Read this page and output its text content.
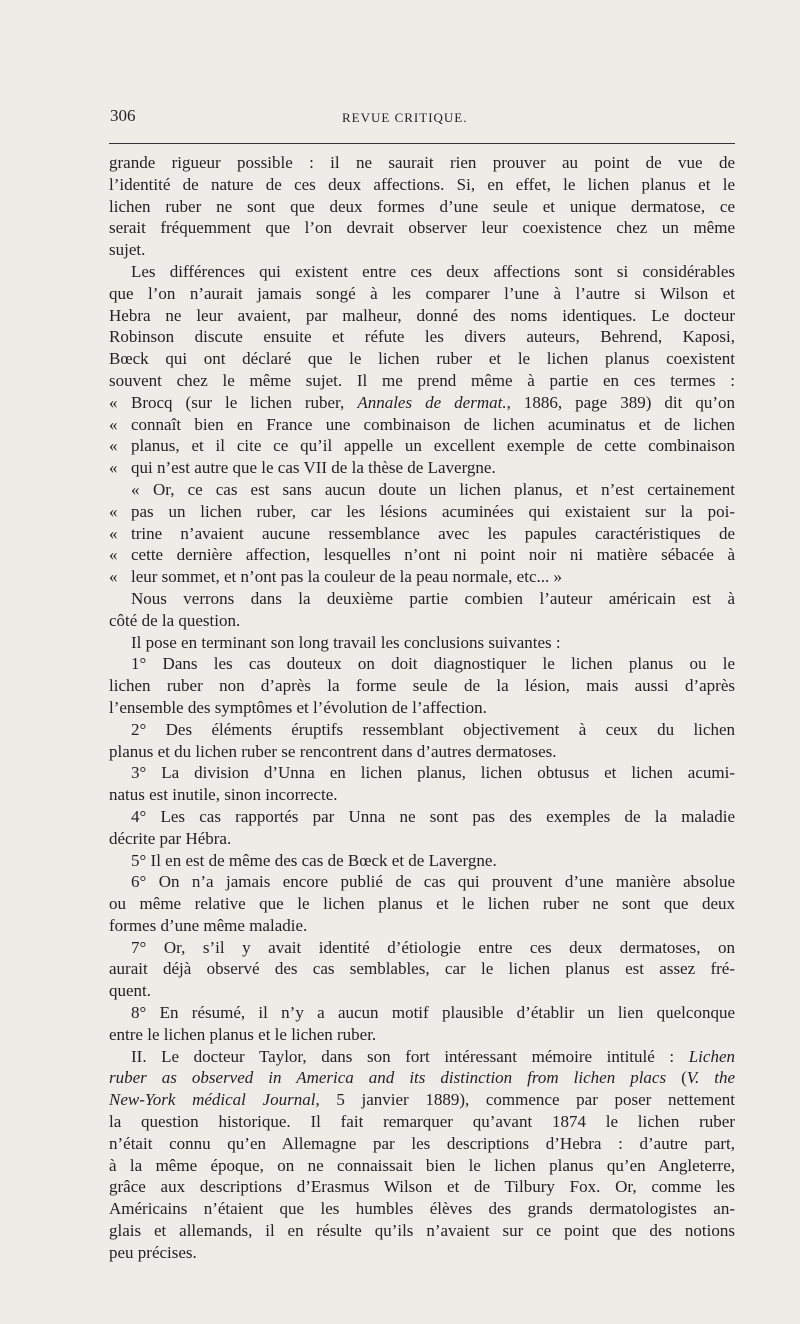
306	REVUE CRITIQUE.
grande rigueur possible : il ne saurait rien prouver au point de vue de
l’identité de nature de ces deux affections. Si, en effet, le lichen planus et le
lichen ruber ne sont que deux formes d’une seule et unique dermatose, ce
serait fréquemment que l’on devrait observer leur coexistence chez un même
sujet.
Les différences qui existent entre ces deux affections sont si considérables
que l’on n’aurait jamais songé à les comparer l’une à l’autre si Wilson et
Hebra ne leur avaient, par malheur, donné des noms identiques. Le docteur
Robinson discute ensuite et réfute les divers auteurs, Behrend, Kaposi,
Bœck qui ont déclaré que le lichen ruber et le lichen planus coexistent
souvent chez le même sujet. Il me prend même à partie en ces termes :
« Brocq (sur le lichen ruber, Annales de dermat., 1886, page 389) dit qu’on
« connaît bien en France une combinaison de lichen acuminatus et de lichen
« planus, et il cite ce qu’il appelle un excellent exemple de cette combinaison
« qui n’est autre que le cas VII de la thèse de Lavergne.
« Or, ce cas est sans aucun doute un lichen planus, et n’est certainement
« pas un lichen ruber, car les lésions acuminées qui existaient sur la poi-
« trine n’avaient aucune ressemblance avec les papules caractéristiques de
« cette dernière affection, lesquelles n’ont ni point noir ni matière sébacée à
« leur sommet, et n’ont pas la couleur de la peau normale, etc... »
Nous verrons dans la deuxième partie combien l’auteur américain est à
côté de la question.
Il pose en terminant son long travail les conclusions suivantes :
1° Dans les cas douteux on doit diagnostiquer le lichen planus ou le
lichen ruber non d’après la forme seule de la lésion, mais aussi d’après
l’ensemble des symptômes et l’évolution de l’affection.
2° Des éléments éruptifs ressemblant objectivement à ceux du lichen
planus et du lichen ruber se rencontrent dans d’autres dermatoses.
3° La division d’Unna en lichen planus, lichen obtusus et lichen acumi-
natus est inutile, sinon incorrecte.
4° Les cas rapportés par Unna ne sont pas des exemples de la maladie
décrite par Hébra.
5° Il en est de même des cas de Bœck et de Lavergne.
6° On n’a jamais encore publié de cas qui prouvent d’une manière absolue
ou même relative que le lichen planus et le lichen ruber ne sont que deux
formes d’une même maladie.
7° Or, s’il y avait identité d’étiologie entre ces deux dermatoses, on
aurait déjà observé des cas semblables, car le lichen planus est assez fré-
quent.
8° En résumé, il n’y a aucun motif plausible d’établir un lien quelconque
entre le lichen planus et le lichen ruber.
II. Le docteur Taylor, dans son fort intéressant mémoire intitulé : Lichen
ruber as observed in America and its distinction from lichen placs (V. the
New-York médical Journal, 5 janvier 1889), commence par poser nettement
la question historique. Il fait remarquer qu’avant 1874 le lichen ruber
n’était connu qu’en Allemagne par les descriptions d’Hebra : d’autre part,
à la même époque, on ne connaissait bien le lichen planus qu’en Angleterre,
grâce aux descriptions d’Erasmus Wilson et de Tilbury Fox. Or, comme les
Américains n’étaient que les humbles élèves des grands dermatologistes an-
glais et allemands, il en résulte qu’ils n’avaient sur ce point que des notions
peu précises.
